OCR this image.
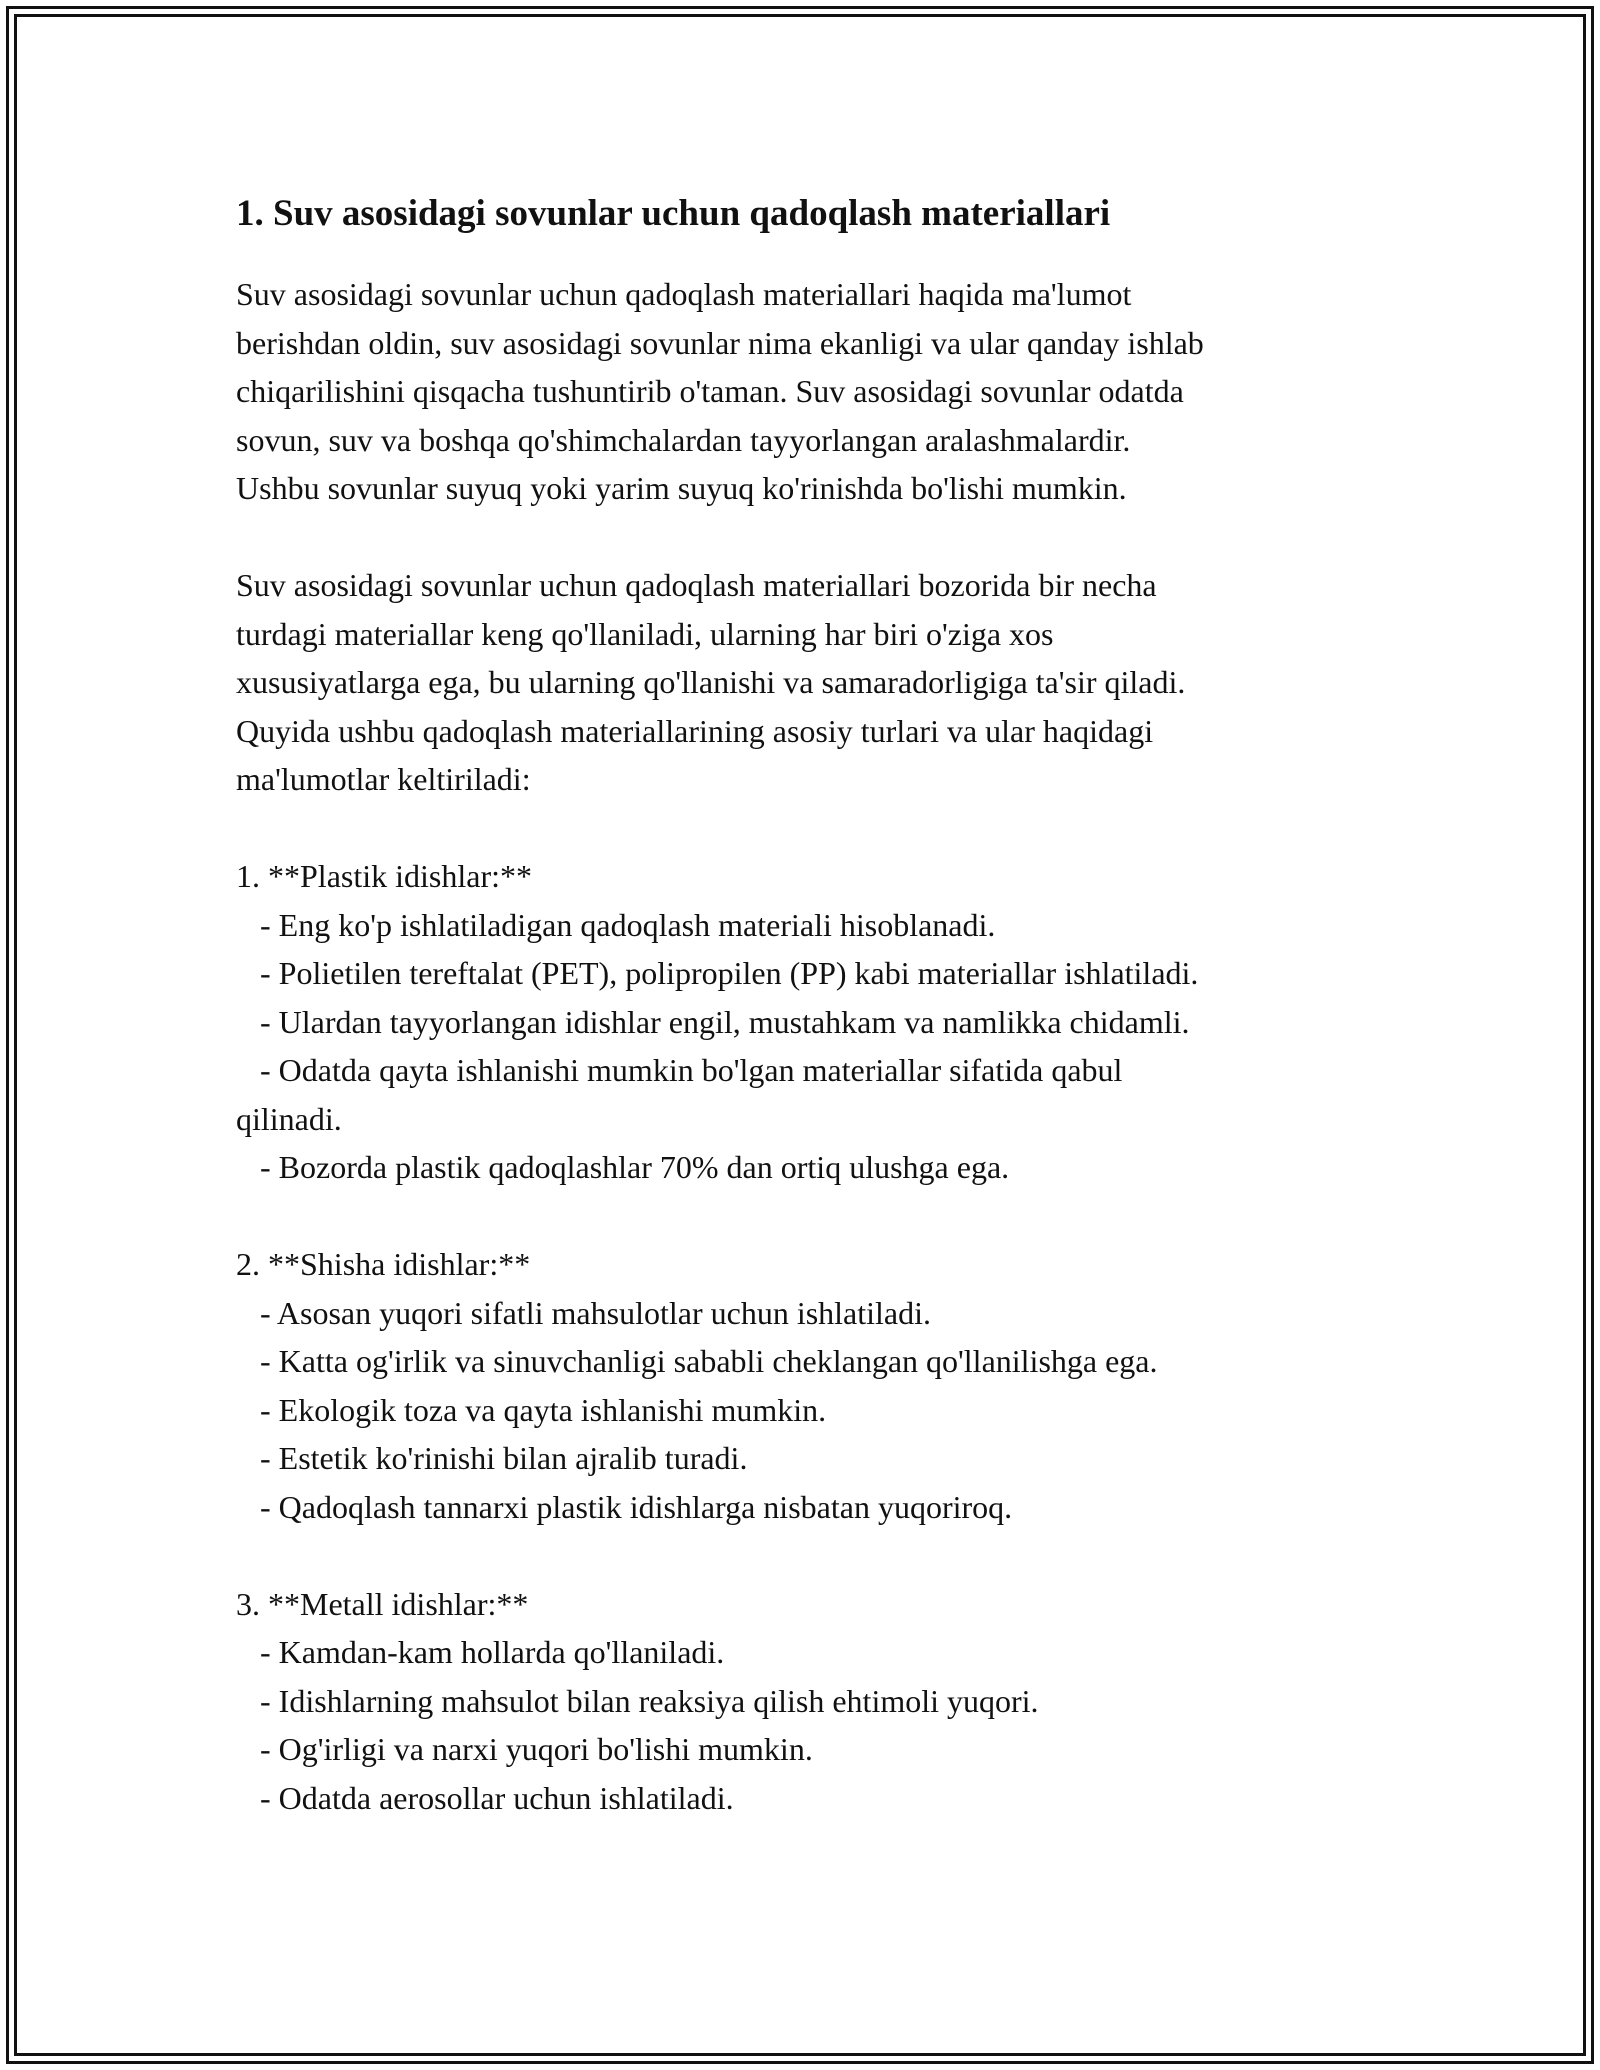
1. Suv asosidagi sovunlar uchun qadoqlash materiallari

Suv asosidagi sovunlar uchun qadoqlash materiallari haqida ma'lumot
berishdan oldin, suv asosidagi sovunlar nima ekanligi va ular qanday ishlab
chiqarilishini qisqacha tushuntirib o'taman. Suv asosidagi sovunlar odatda
sovun, suv va boshqa qo'shimchalardan tayyorlangan aralashmalardir.
Ushbu sovunlar suyuq yoki yarim suyuq ko'rinishda bo'lishi mumkin.

Suv asosidagi sovunlar uchun qadoqlash materiallari bozorida bir necha
turdagi materiallar keng qo'llaniladi, ularning har biri o'ziga xos
xususiyatlarga ega, bu ularning qo'llanishi va samaradorligiga ta'sir qiladi.
Quyida ushbu qadoqlash materiallarining asosiy turlari va ular haqidagi
ma'lumotlar keltiriladi:

1. **Plastik idishlar:**

- Eng ko'p ishlatiladigan qadoqlash materiali hisoblanadi.

- Polietilen tereftalat (PET), polipropilen (PP) kabi materiallar ishlatiladi.

- Ulardan tayyorlangan idishlar engil, mustahkam va namlikka chidamli.

- Odatda qayta ishlanishi mumkin bo'lgan materiallar sifatida qabul
qilinadi.

- Bozorda plastik qadoqlashlar 70% dan ortiq ulushga ega.

2. **Shisha idishlar:**

- Asosan yuqori sifatli mahsulotlar uchun ishlatiladi.

- Katta og'irlik va sinuvchanligi sababli cheklangan qo'llanilishga ega.

- Ekologik toza va qayta ishlanishi mumkin.

- Estetik ko'rinishi bilan ajralib turadi.

- Qadoqlash tannarxi plastik idishlarga nisbatan yuqoriroq.

3. **Metall idishlar:**

- Kamdan-kam hollarda qo'llaniladi.

- Idishlarning mahsulot bilan reaksiya qilish ehtimoli yuqori.

- Og'irligi va narxi yuqori bo'lishi mumkin.

- Odatda aerosollar uchun ishlatiladi.
